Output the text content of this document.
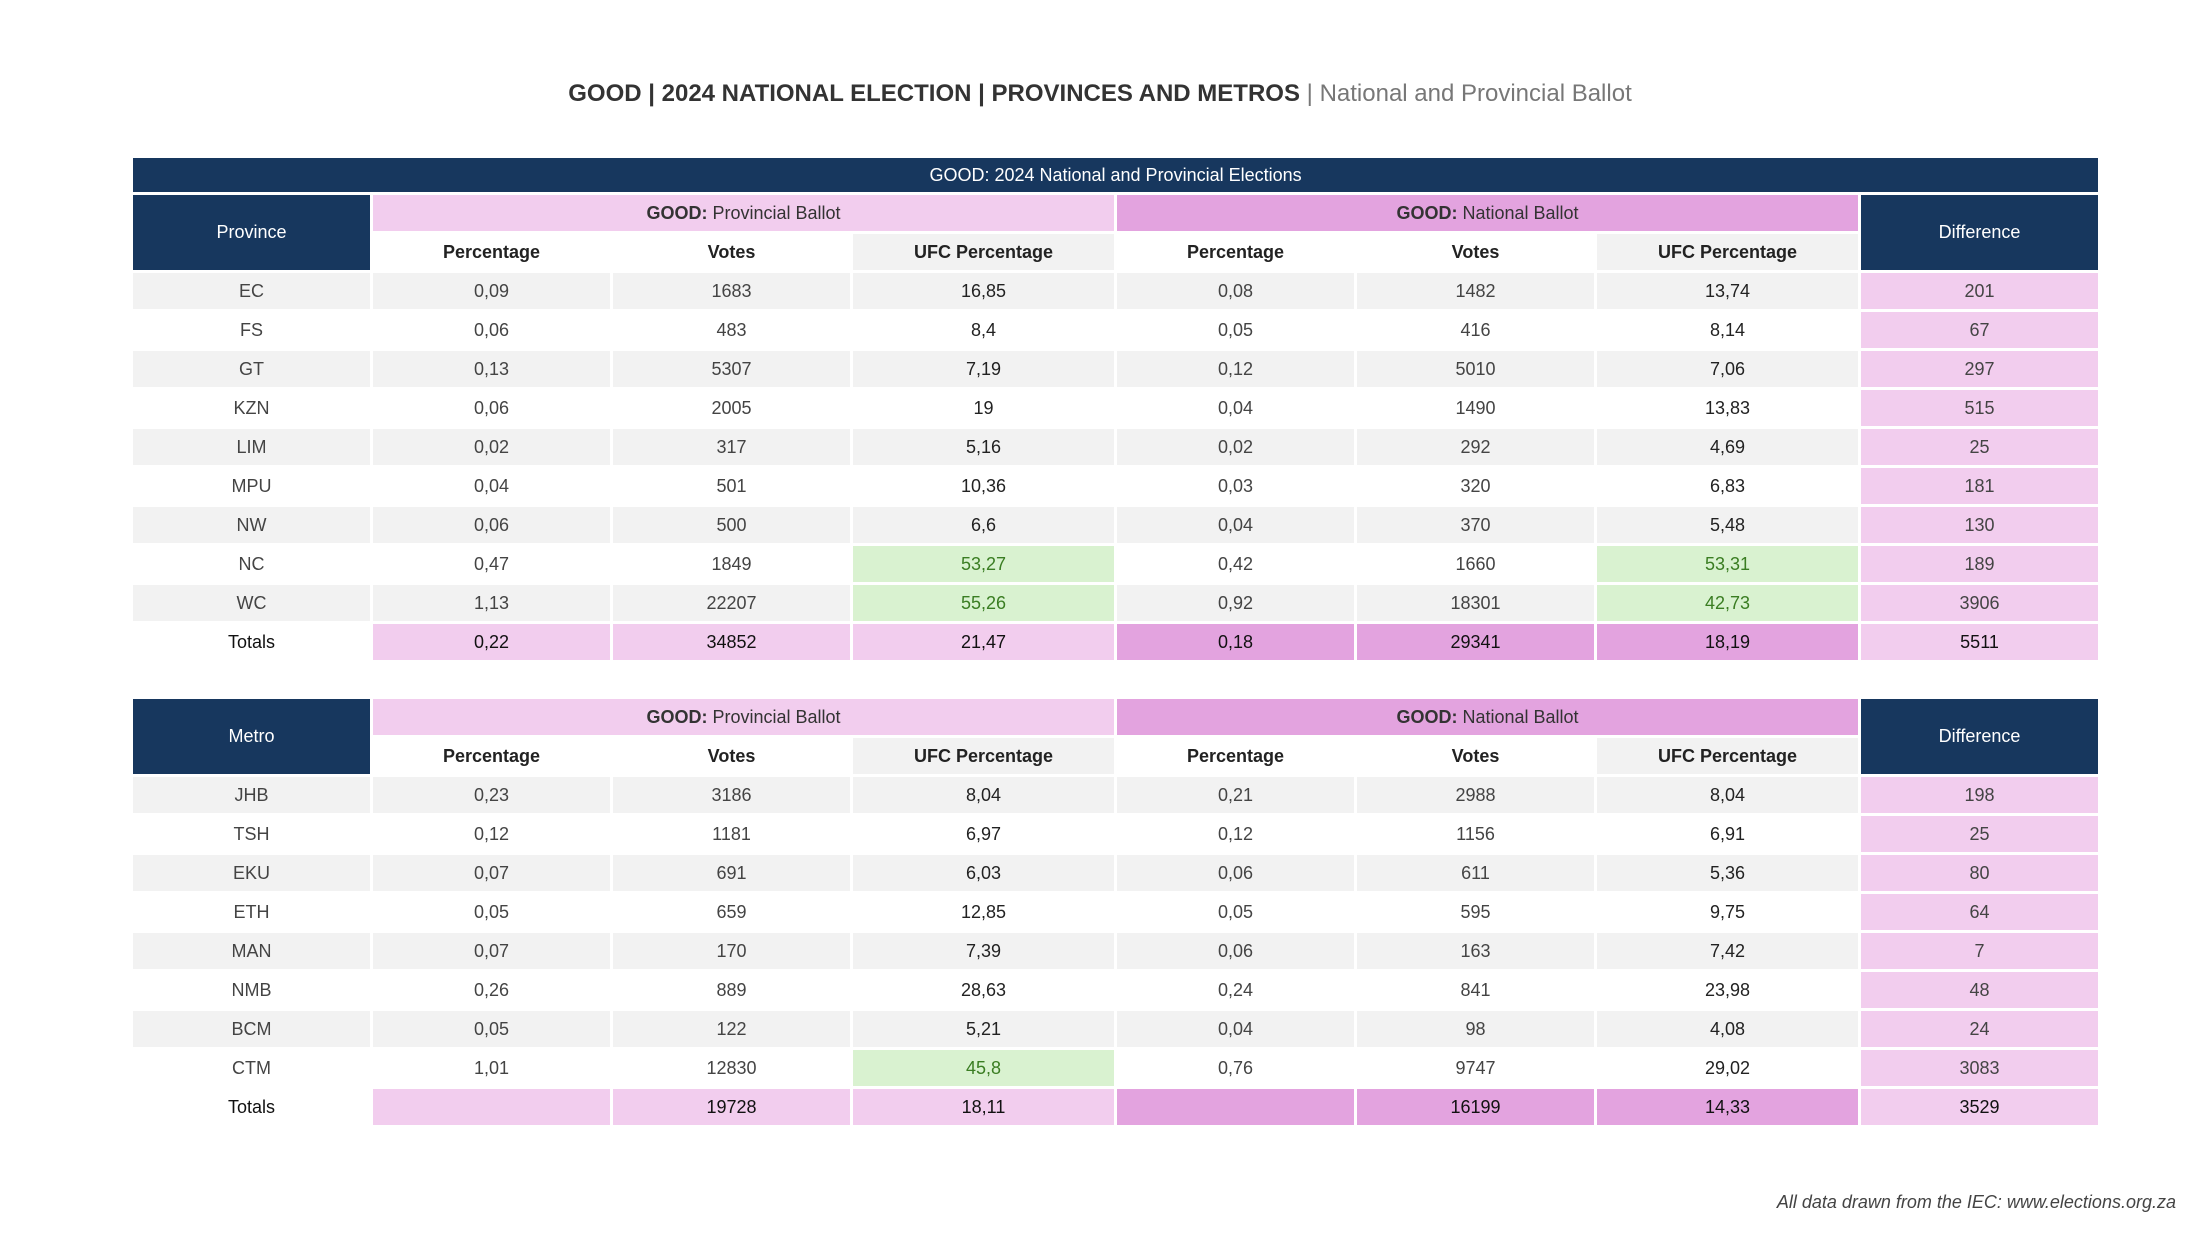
GOOD | 2024 NATIONAL ELECTION | PROVINCES AND METROS | National and Provincial Ballot
GOOD: 2024 National and Provincial Elections							
Province	GOOD: Provincial Ballot			GOOD: National Ballot			Difference
	Percentage	Votes	UFC Percentage	Percentage	Votes	UFC Percentage	
EC	0,09	1683	16,85	0,08	1482	13,74	201
FS	0,06	483	8,4	0,05	416	8,14	67
GT	0,13	5307	7,19	0,12	5010	7,06	297
KZN	0,06	2005	19	0,04	1490	13,83	515
LIM	0,02	317	5,16	0,02	292	4,69	25
MPU	0,04	501	10,36	0,03	320	6,83	181
NW	0,06	500	6,6	0,04	370	5,48	130
NC	0,47	1849	53,27	0,42	1660	53,31	189
WC	1,13	22207	55,26	0,92	18301	42,73	3906
Totals	0,22	34852	21,47	0,18	29341	18,19	5511
Metro	GOOD: Provincial Ballot			GOOD: National Ballot			Difference
	Percentage	Votes	UFC Percentage	Percentage	Votes	UFC Percentage	
JHB	0,23	3186	8,04	0,21	2988	8,04	198
TSH	0,12	1181	6,97	0,12	1156	6,91	25
EKU	0,07	691	6,03	0,06	611	5,36	80
ETH	0,05	659	12,85	0,05	595	9,75	64
MAN	0,07	170	7,39	0,06	163	7,42	7
NMB	0,26	889	28,63	0,24	841	23,98	48
BCM	0,05	122	5,21	0,04	98	4,08	24
CTM	1,01	12830	45,8	0,76	9747	29,02	3083
Totals		19728	18,11		16199	14,33	3529
All data drawn from the IEC: www.elections.org.za
